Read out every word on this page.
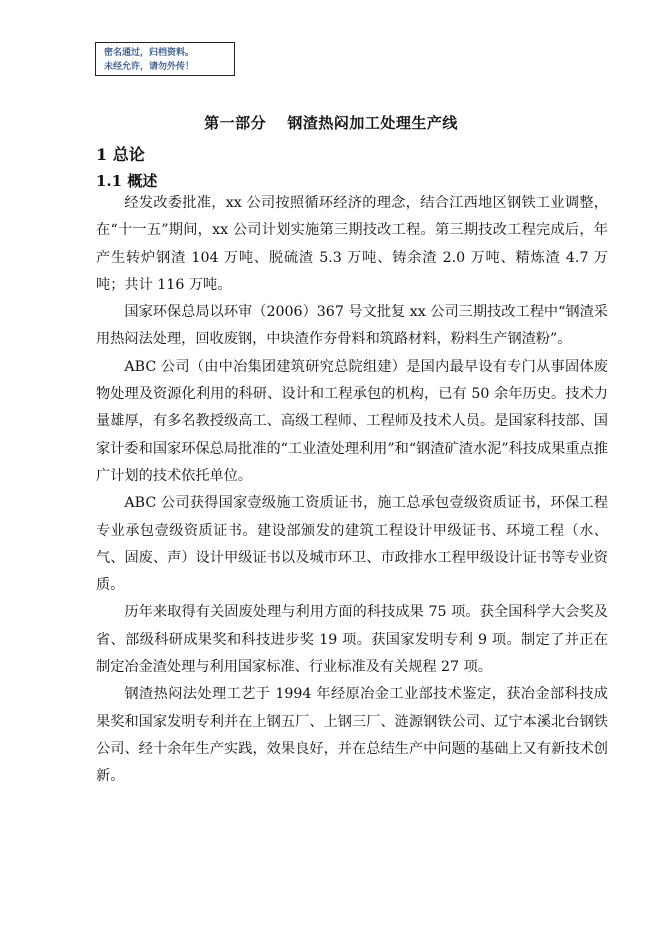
密名通过，归档资料。
未经允许，请勿外传！
第一部分　 钢渣热闷加工处理生产线
1 总论
1.1 概述

经发改委批准，xx 公司按照循环经济的理念，结合江西地区钢铁工业调整，在“十一五”期间，xx 公司计划实施第三期技改工程。第三期技改工程完成后，年产生转炉钢渣 104 万吨、脱硫渣 5.3 万吨、铸余渣 2.0 万吨、精炼渣 4.7 万吨；共计 116 万吨。

国家环保总局以环审（2006）367 号文批复 xx 公司三期技改工程中“钢渣采用热闷法处理，回收废钢，中块渣作夯骨料和筑路材料，粉料生产钢渣粉”。

ABC 公司（由中冶集团建筑研究总院组建）是国内最早设有专门从事固体废物处理及资源化利用的科研、设计和工程承包的机构，已有 50 余年历史。技术力量雄厚，有多名教授级高工、高级工程师、工程师及技术人员。是国家科技部、国家计委和国家环保总局批准的“工业渣处理利用”和“钢渣矿渣水泥”科技成果重点推广计划的技术依托单位。

ABC 公司获得国家壹级施工资质证书，施工总承包壹级资质证书，环保工程专业承包壹级资质证书。建设部颁发的建筑工程设计甲级证书、环境工程（水、气、固废、声）设计甲级证书以及城市环卫、市政排水工程甲级设计证书等专业资质。

历年来取得有关固废处理与利用方面的科技成果 75 项。获全国科学大会奖及省、部级科研成果奖和科技进步奖 19 项。获国家发明专利 9 项。制定了并正在制定冶金渣处理与利用国家标准、行业标准及有关规程 27 项。

钢渣热闷法处理工艺于 1994 年经原冶金工业部技术鉴定，获冶金部科技成果奖和国家发明专利并在上钢五厂、上钢三厂、涟源钢铁公司、辽宁本溪北台钢铁公司、经十余年生产实践，效果良好，并在总结生产中问题的基础上又有新技术创新。
